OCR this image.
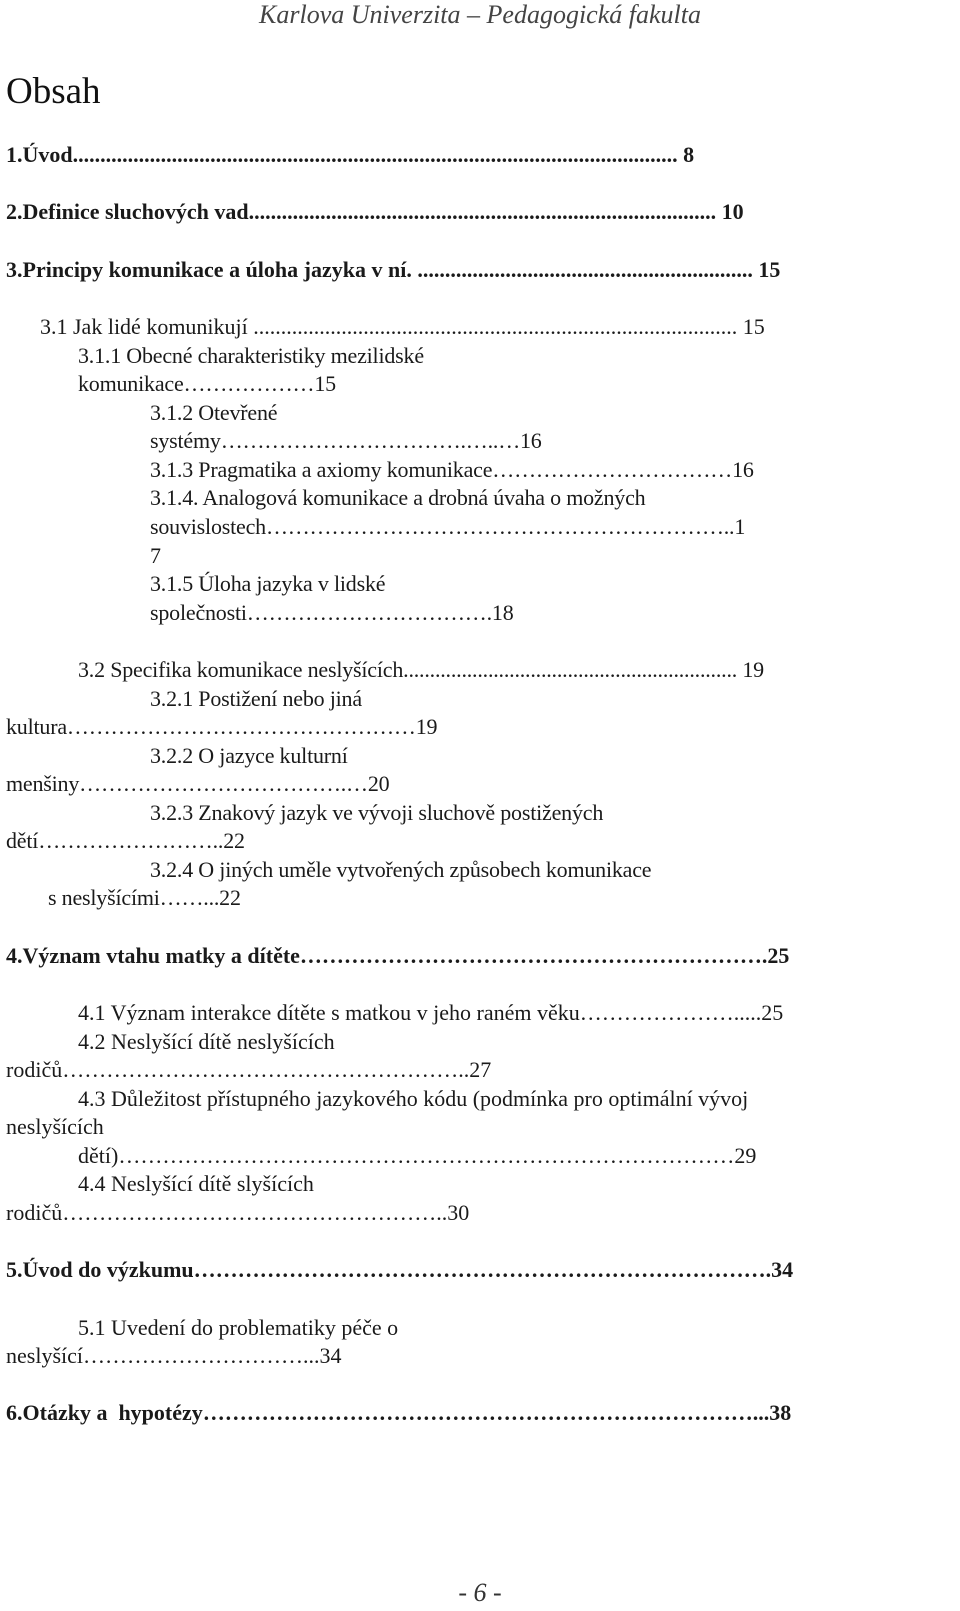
Karlova Univerzita – Pedagogická fakulta
Obsah

1.Úvod.............................................................................................................. 8

2.Definice sluchových vad..................................................................................... 10

3.Principy komunikace a úloha jazyka v ní. ............................................................. 15

3.1 Jak lidé komunikují ........................................................................................ 15

3.1.1 Obecné charakteristiky mezilidské

komunikace………………15

3.1.2 Otevřené

systémy…………………………….…..…16

3.1.3 Pragmatika a axiomy komunikace……………………………16

3.1.4. Analogová komunikace a drobná úvaha o možných

souvislostech………………………………………………………..1

7

3.1.5 Úloha jazyka v lidské

společnosti…………………………….18

3.2 Specifika komunikace neslyšících............................................................... 19

3.2.1 Postižení nebo jiná

kultura…………………………………………19

3.2.2 O jazyce kulturní

menšiny……………………………….…20

3.2.3 Znakový jazyk ve vývoji sluchově postižených

dětí……………………..22

3.2.4 O jiných uměle vytvořených způsobech komunikace

s neslyšícími……...22

4.Význam vtahu matky a dítěte……………………………………………………….25

4.1 Význam interakce dítěte s matkou v jeho raném věku………………….....25

4.2 Neslyšící dítě neslyšících

rodičů………………………………………………..27

4.3 Důležitost přístupného jazykového kódu (podmínka pro optimální vývoj

neslyšících

dětí)…………………………………………………………………………29

4.4 Neslyšící dítě slyšících

rodičů……………………………………………..30

5.Úvod do výzkumu…………………………………………………………………….34

5.1 Uvedení do problematiky péče o

neslyšící…………………………...34

6.Otázky a  hypotézy…………………………………………………………………...38

- 6 -
